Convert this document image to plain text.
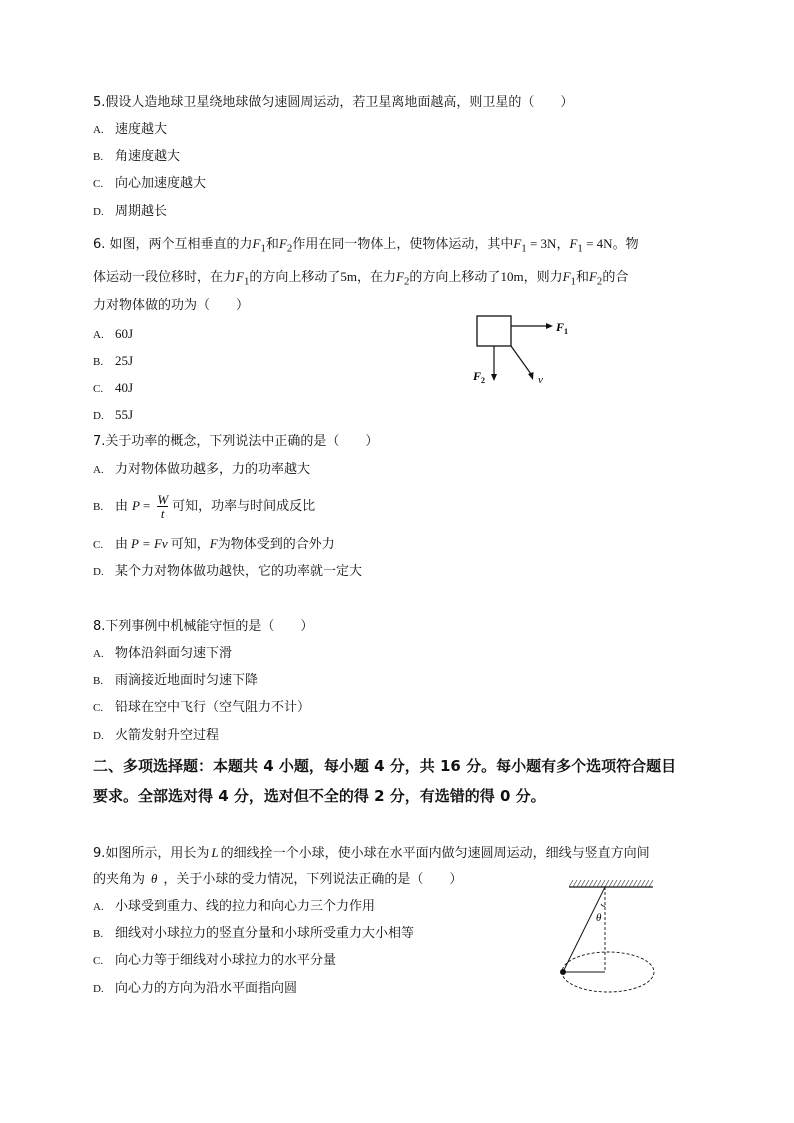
5.假设人造地球卫星绕地球做匀速圆周运动，若卫星离地面越高，则卫星的（　　）
A. 速度越大
B. 角速度越大
C. 向心加速度越大
D. 周期越长
6. 如图，两个互相垂直的力$F_1$和$F_2$作用在同一物体上，使物体运动，其中$F_1 = 3N$，$F_1 = 4N$。物
体运动一段位移时，在力$F_1$的方向上移动了5m，在力$F_2$的方向上移动了10m，则力$F_1$和$F_2$的合
力对物体做的功为（　　）
A. 60J
B. 25J
C. 40J
D. 55J
$F_1$
$F_2$	v
7.关于功率的概念，下列说法中正确的是（　　）
A. 力对物体做功越多，力的功率越大
B. 由 $P = \frac{W}{t}$ 可知，功率与时间成反比
C. 由 P = Fv 可知，F为物体受到的合外力
D. 某个力对物体做功越快，它的功率就一定大
8.下列事例中机械能守恒的是（　　）
A. 物体沿斜面匀速下滑
B. 雨滴接近地面时匀速下降
C. 铅球在空中飞行（空气阻力不计）
D. 火箭发射升空过程
二、多项选择题：本题共 4 小题，每小题 4 分，共 16 分。每小题有多个选项符合题目
要求。全部选对得 4 分，选对但不全的得 2 分，有选错的得 0 分。
9.如图所示，用长为 L 的细线拴一个小球，使小球在水平面内做匀速圆周运动，细线与竖直方向间
的夹角为 θ ，关于小球的受力情况，下列说法正确的是（　　）
A. 小球受到重力、线的拉力和向心力三个力作用
B. 细线对小球拉力的竖直分量和小球所受重力大小相等
C. 向心力等于细线对小球拉力的水平分量
D. 向心力的方向为沿水平面指向圆
θ
